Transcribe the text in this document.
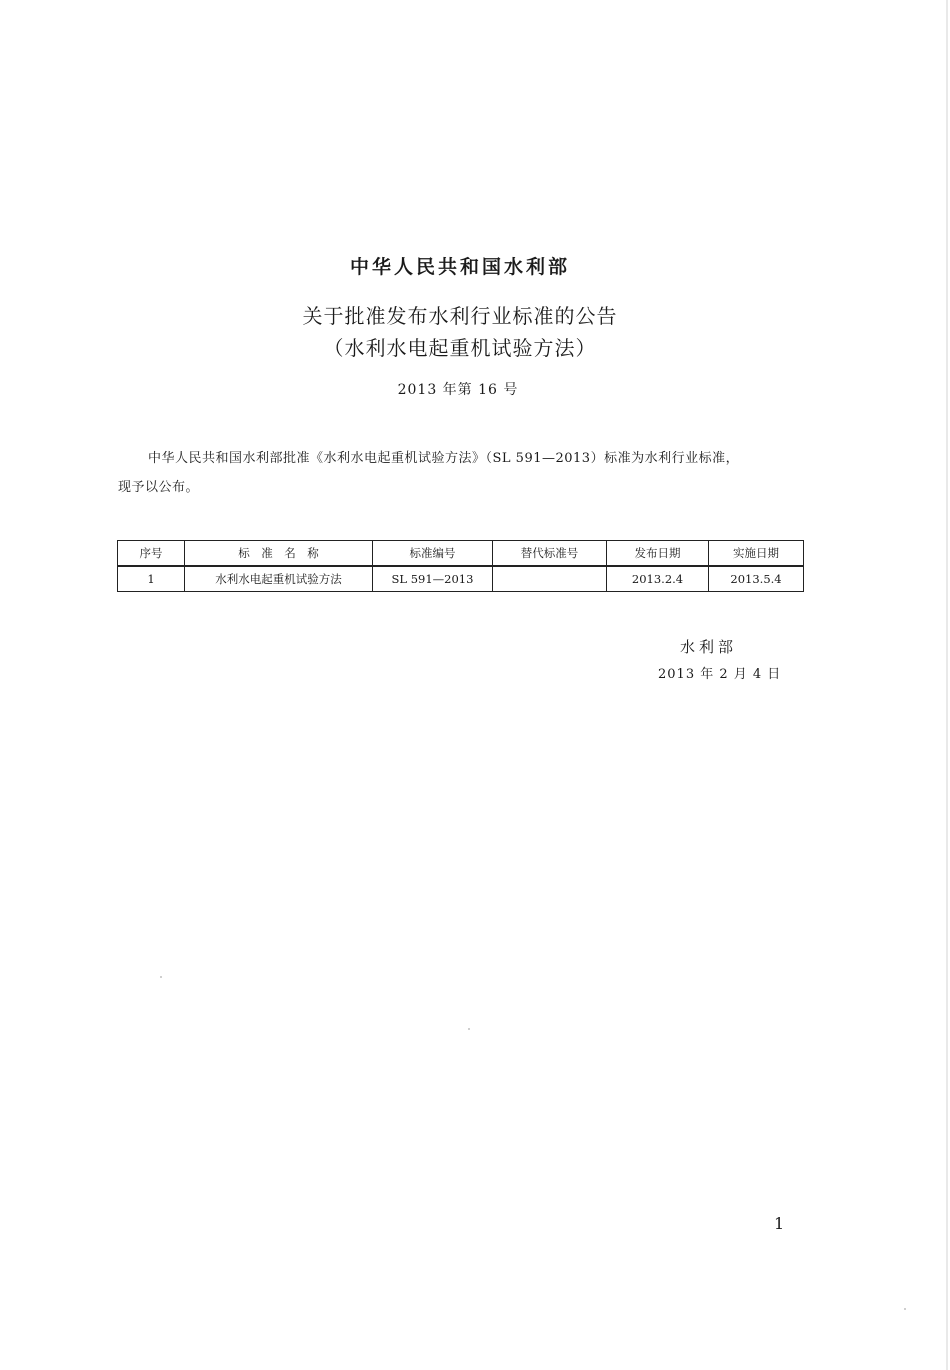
中华人民共和国水利部
关于批准发布水利行业标准的公告
（水利水电起重机试验方法）
2013 年第 16 号
中华人民共和国水利部批准《水利水电起重机试验方法》（SL 591—2013）标准为水利行业标准，
现予以公布。
序号	标　准　名　称	标准编号	替代标准号	发布日期	实施日期
1	水利水电起重机试验方法	SL 591—2013		2013.2.4	2013.5.4
水利部
2013 年 2 月 4 日
1
